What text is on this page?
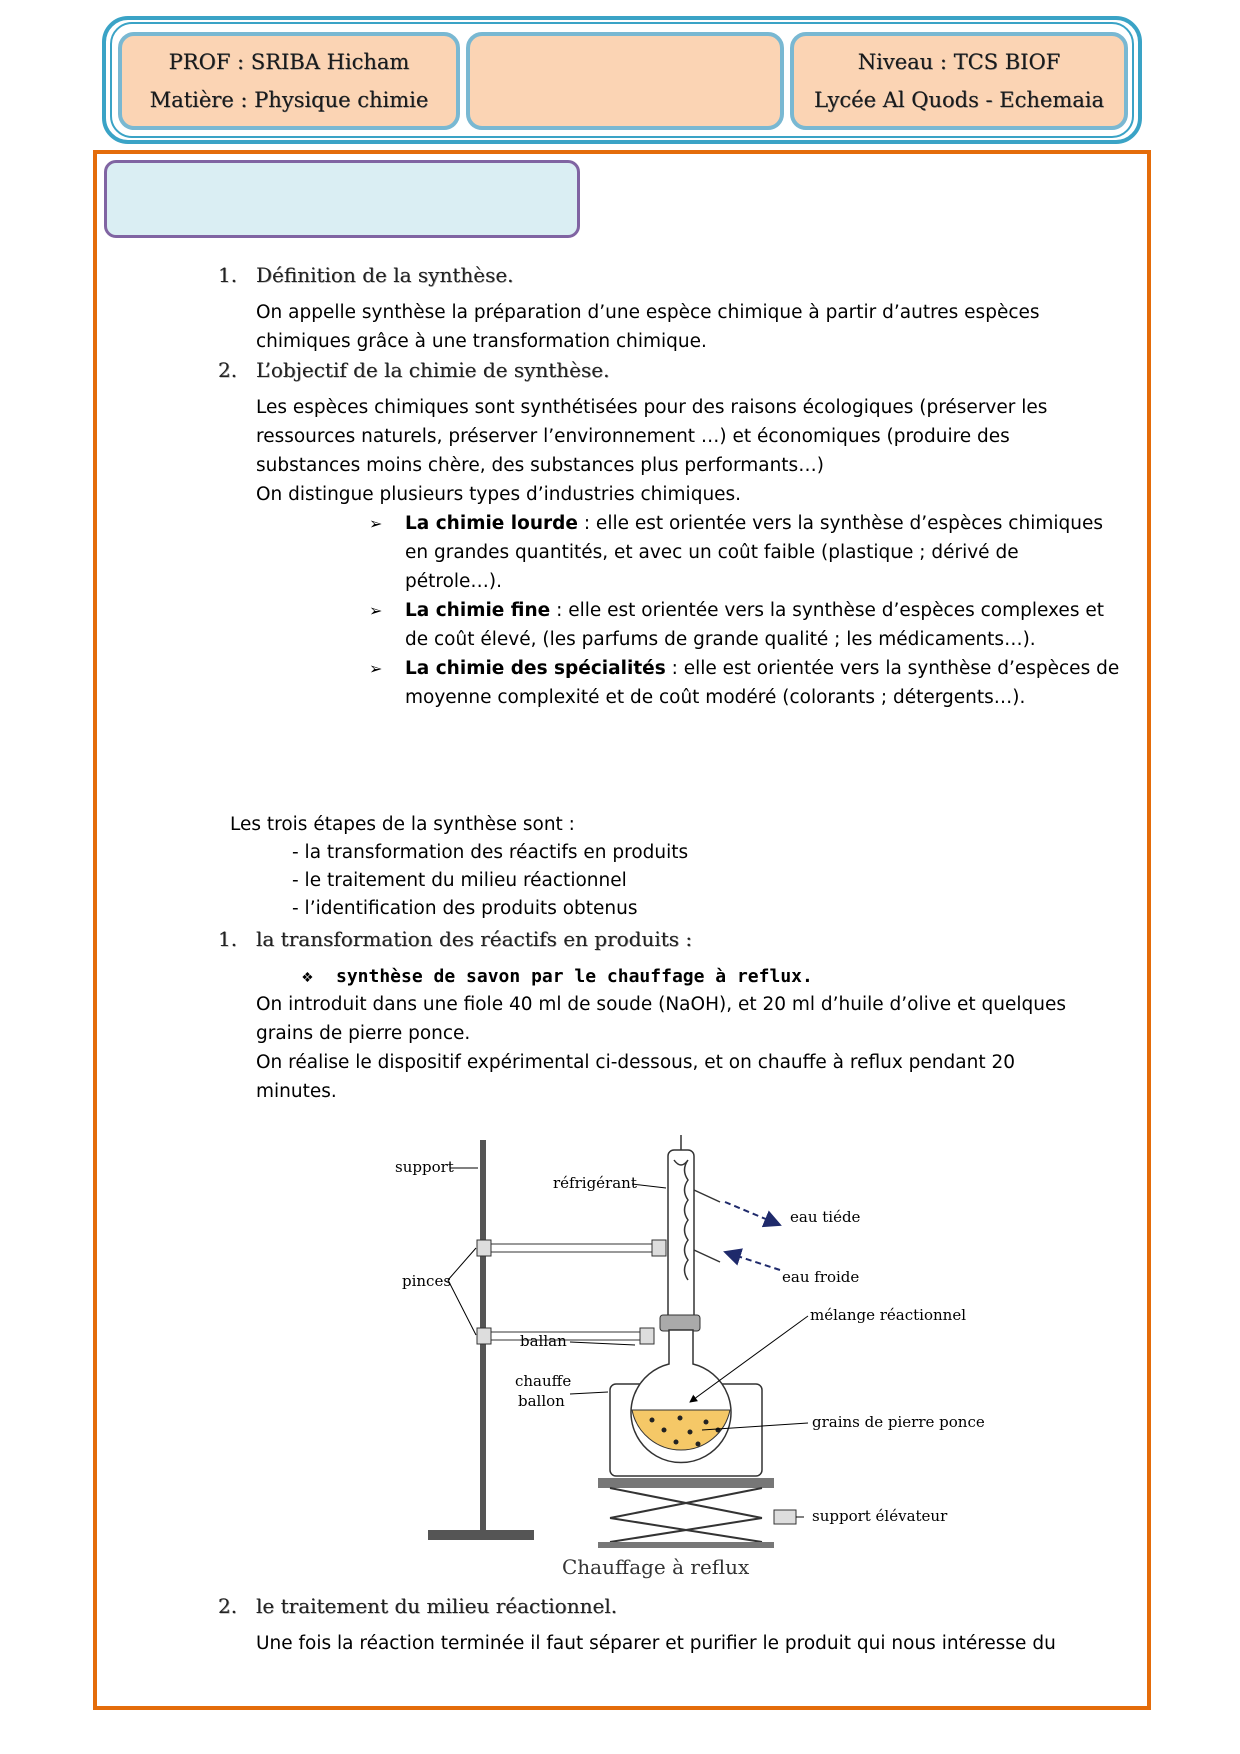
PROF : SRIBA Hicham
Matière : Physique chimie
Niveau : TCS BIOF
Lycée Al Quods - Echemaia
1. Définition de la synthèse.
On appelle synthèse la préparation d’une espèce chimique à partir d’autres espèces
chimiques grâce à une transformation chimique.
2. L’objectif de la chimie de synthèse.
Les espèces chimiques sont synthétisées pour des raisons écologiques (préserver les
ressources naturels, préserver l’environnement …) et économiques (produire des
substances moins chère, des substances plus performants…)
On distingue plusieurs types d’industries chimiques.
➢ La chimie lourde : elle est orientée vers la synthèse d’espèces chimiques
en grandes quantités, et avec un coût faible (plastique ; dérivé de
pétrole…).
➢ La chimie fine : elle est orientée vers la synthèse d’espèces complexes et
de coût élevé, (les parfums de grande qualité ; les médicaments…).
➢ La chimie des spécialités : elle est orientée vers la synthèse d’espèces de
moyenne complexité et de coût modéré (colorants ; détergents…).
Les trois étapes de la synthèse sont :
- la transformation des réactifs en produits
- le traitement du milieu réactionnel
- l’identification des produits obtenus
1. la transformation des réactifs en produits :
❖ synthèse de savon par le chauffage à reflux.
On introduit dans une fiole 40 ml de soude (NaOH), et 20 ml d’huile d’olive et quelques
grains de pierre ponce.
On réalise le dispositif expérimental ci-dessous, et on chauffe à reflux pendant 20
minutes.
support
réfrigérant
eau tiéde
eau froide
pinces
mélange réactionnel
ballan
chauffe
ballon
grains de pierre ponce
support élévateur
Chauffage à reflux
2. le traitement du milieu réactionnel.
Une fois la réaction terminée il faut séparer et purifier le produit qui nous intéresse du
